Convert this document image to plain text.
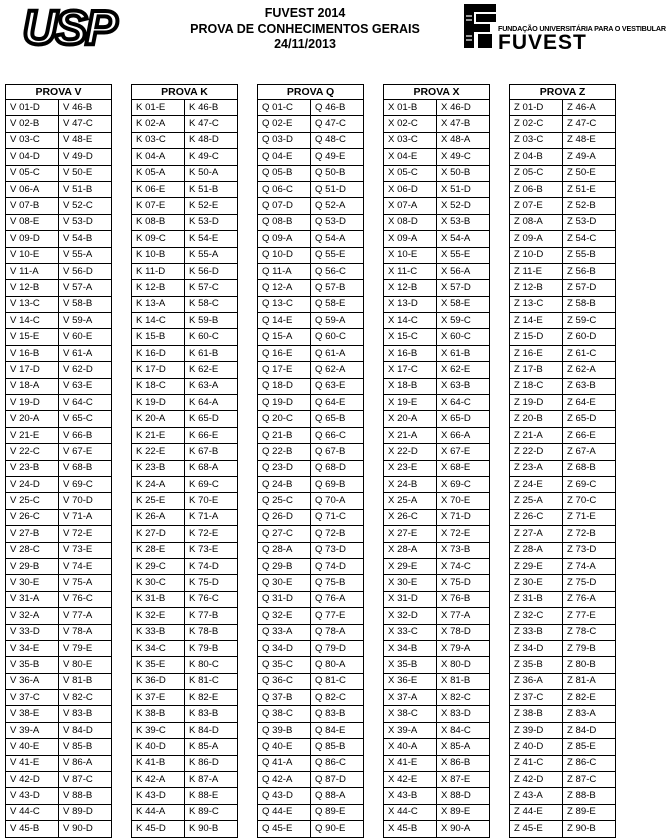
USP	FUVEST 2014
PROVA DE CONHECIMENTOS GERAIS
24/11/2013
FUNDAÇÃO UNIVERSITÁRIA PARA O VESTIBULAR
FUVEST
PROVA V	
V 01-D	V 46-B
V 02-B	V 47-C
V 03-C	V 48-E
V 04-D	V 49-D
V 05-C	V 50-E
V 06-A	V 51-B
V 07-B	V 52-C
V 08-E	V 53-D
V 09-D	V 54-B
V 10-E	V 55-A
V 11-A	V 56-D
V 12-B	V 57-A
V 13-C	V 58-B
V 14-C	V 59-A
V 15-E	V 60-E
V 16-B	V 61-A
V 17-D	V 62-D
V 18-A	V 63-E
V 19-D	V 64-C
V 20-A	V 65-C
V 21-E	V 66-B
V 22-C	V 67-E
V 23-B	V 68-B
V 24-D	V 69-C
V 25-C	V 70-D
V 26-C	V 71-A
V 27-B	V 72-E
V 28-C	V 73-E
V 29-B	V 74-E
V 30-E	V 75-A
V 31-A	V 76-C
V 32-A	V 77-A
V 33-D	V 78-A
V 34-E	V 79-E
V 35-B	V 80-E
V 36-A	V 81-B
V 37-C	V 82-C
V 38-E	V 83-B
V 39-A	V 84-D
V 40-E	V 85-B
V 41-E	V 86-A
V 42-D	V 87-C
V 43-D	V 88-B
V 44-C	V 89-D
V 45-B	V 90-D
PROVA K	
K 01-E	K 46-B
K 02-A	K 47-C
K 03-C	K 48-D
K 04-A	K 49-C
K 05-A	K 50-A
K 06-E	K 51-B
K 07-E	K 52-E
K 08-B	K 53-D
K 09-C	K 54-E
K 10-B	K 55-A
K 11-D	K 56-D
K 12-B	K 57-C
K 13-A	K 58-C
K 14-C	K 59-B
K 15-B	K 60-C
K 16-D	K 61-B
K 17-D	K 62-E
K 18-C	K 63-A
K 19-D	K 64-A
K 20-A	K 65-D
K 21-E	K 66-E
K 22-E	K 67-B
K 23-B	K 68-A
K 24-A	K 69-C
K 25-E	K 70-E
K 26-A	K 71-A
K 27-D	K 72-E
K 28-E	K 73-E
K 29-C	K 74-D
K 30-C	K 75-D
K 31-B	K 76-C
K 32-E	K 77-B
K 33-B	K 78-B
K 34-C	K 79-B
K 35-E	K 80-C
K 36-D	K 81-C
K 37-E	K 82-E
K 38-B	K 83-B
K 39-C	K 84-D
K 40-D	K 85-A
K 41-B	K 86-D
K 42-A	K 87-A
K 43-D	K 88-E
K 44-A	K 89-C
K 45-D	K 90-B
PROVA Q	
Q 01-C	Q 46-B
Q 02-E	Q 47-C
Q 03-D	Q 48-C
Q 04-E	Q 49-E
Q 05-B	Q 50-B
Q 06-C	Q 51-D
Q 07-D	Q 52-A
Q 08-B	Q 53-D
Q 09-A	Q 54-A
Q 10-D	Q 55-E
Q 11-A	Q 56-C
Q 12-A	Q 57-B
Q 13-C	Q 58-E
Q 14-E	Q 59-A
Q 15-A	Q 60-C
Q 16-E	Q 61-A
Q 17-E	Q 62-A
Q 18-D	Q 63-E
Q 19-D	Q 64-E
Q 20-C	Q 65-B
Q 21-B	Q 66-C
Q 22-B	Q 67-B
Q 23-D	Q 68-D
Q 24-B	Q 69-B
Q 25-C	Q 70-A
Q 26-D	Q 71-C
Q 27-C	Q 72-B
Q 28-A	Q 73-D
Q 29-B	Q 74-D
Q 30-E	Q 75-B
Q 31-D	Q 76-A
Q 32-E	Q 77-E
Q 33-A	Q 78-A
Q 34-D	Q 79-D
Q 35-C	Q 80-A
Q 36-C	Q 81-C
Q 37-B	Q 82-C
Q 38-C	Q 83-B
Q 39-B	Q 84-E
Q 40-E	Q 85-B
Q 41-A	Q 86-C
Q 42-A	Q 87-D
Q 43-D	Q 88-A
Q 44-E	Q 89-E
Q 45-E	Q 90-E
PROVA X	
X 01-B	X 46-D
X 02-C	X 47-B
X 03-C	X 48-A
X 04-E	X 49-C
X 05-C	X 50-B
X 06-D	X 51-D
X 07-A	X 52-D
X 08-D	X 53-B
X 09-A	X 54-A
X 10-E	X 55-E
X 11-C	X 56-A
X 12-B	X 57-D
X 13-D	X 58-E
X 14-C	X 59-C
X 15-C	X 60-C
X 16-B	X 61-B
X 17-C	X 62-E
X 18-B	X 63-B
X 19-E	X 64-C
X 20-A	X 65-D
X 21-A	X 66-A
X 22-D	X 67-E
X 23-E	X 68-E
X 24-B	X 69-C
X 25-A	X 70-E
X 26-C	X 71-D
X 27-E	X 72-E
X 28-A	X 73-B
X 29-E	X 74-C
X 30-E	X 75-D
X 31-D	X 76-B
X 32-D	X 77-A
X 33-C	X 78-D
X 34-B	X 79-A
X 35-B	X 80-D
X 36-E	X 81-B
X 37-A	X 82-C
X 38-C	X 83-D
X 39-A	X 84-C
X 40-A	X 85-A
X 41-E	X 86-B
X 42-E	X 87-E
X 43-B	X 88-D
X 44-C	X 89-E
X 45-B	X 90-A
PROVA Z	
Z 01-D	Z 46-A
Z 02-C	Z 47-C
Z 03-C	Z 48-E
Z 04-B	Z 49-A
Z 05-C	Z 50-E
Z 06-B	Z 51-E
Z 07-E	Z 52-B
Z 08-A	Z 53-D
Z 09-A	Z 54-C
Z 10-D	Z 55-B
Z 11-E	Z 56-B
Z 12-B	Z 57-D
Z 13-C	Z 58-B
Z 14-E	Z 59-C
Z 15-D	Z 60-D
Z 16-E	Z 61-C
Z 17-B	Z 62-A
Z 18-C	Z 63-B
Z 19-D	Z 64-E
Z 20-B	Z 65-D
Z 21-A	Z 66-E
Z 22-D	Z 67-A
Z 23-A	Z 68-B
Z 24-E	Z 69-C
Z 25-A	Z 70-C
Z 26-C	Z 71-E
Z 27-A	Z 72-B
Z 28-A	Z 73-D
Z 29-E	Z 74-A
Z 30-E	Z 75-D
Z 31-B	Z 76-A
Z 32-C	Z 77-E
Z 33-B	Z 78-C
Z 34-D	Z 79-B
Z 35-B	Z 80-B
Z 36-A	Z 81-A
Z 37-C	Z 82-E
Z 38-B	Z 83-A
Z 39-D	Z 84-D
Z 40-D	Z 85-E
Z 41-C	Z 86-C
Z 42-D	Z 87-C
Z 43-A	Z 88-B
Z 44-E	Z 89-E
Z 45-E	Z 90-B
